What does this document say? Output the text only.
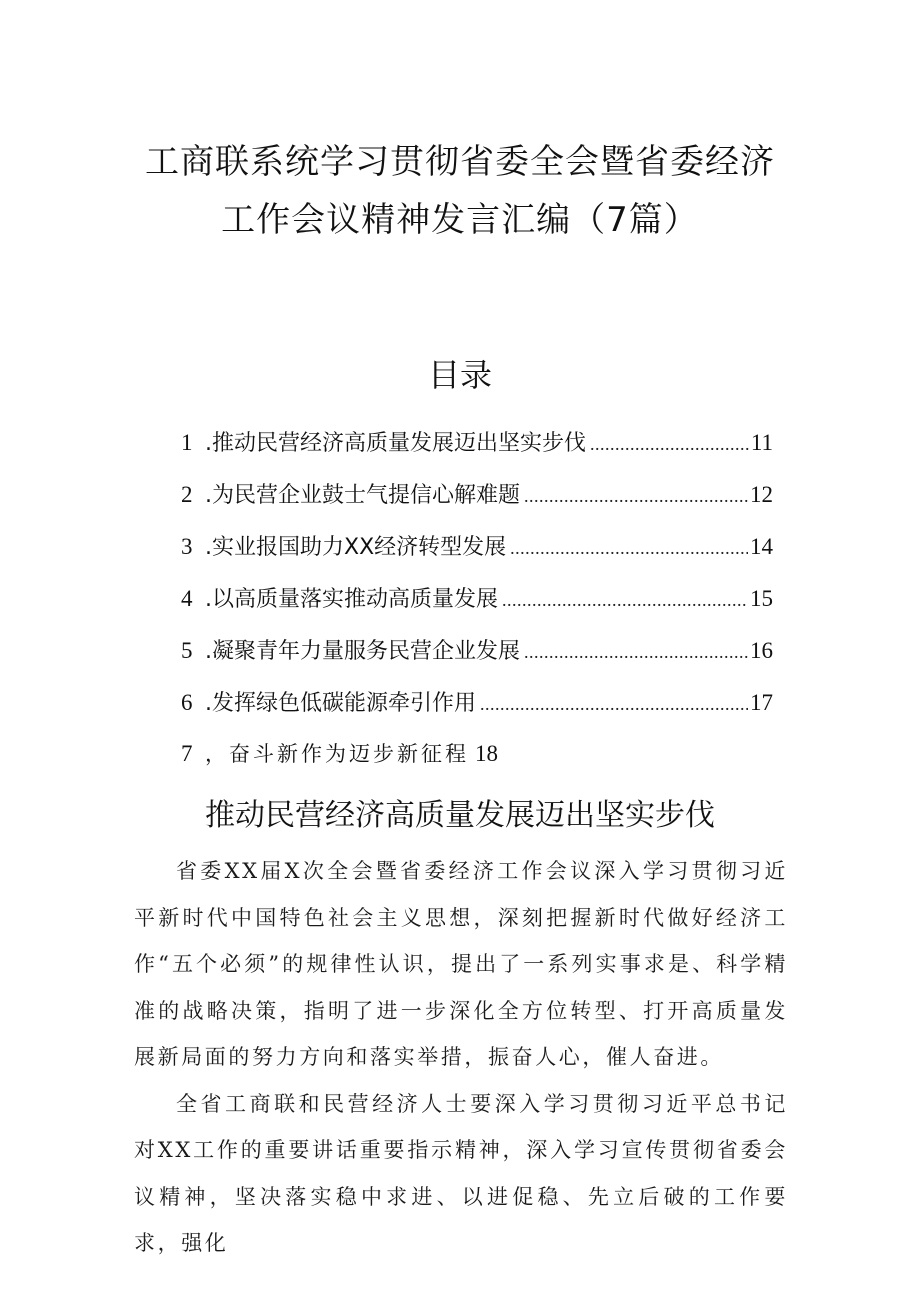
工商联系统学习贯彻省委全会暨省委经济
工作会议精神发言汇编（7篇）
目录
1 .推动民营经济高质量发展迈出坚实步伐 .....	11
2 .为民营企业鼓士气提信心解难题 .....	12
3 .实业报国助力XX经济转型发展 .....	14
4 .以高质量落实推动高质量发展 .....	15
5 .凝聚青年力量服务民营企业发展 .....	16
6 .发挥绿色低碳能源牵引作用 .....	17
7 ，奋斗新作为迈步新征程 18
推动民营经济高质量发展迈出坚实步伐

省委XX届X次全会暨省委经济工作会议深入学习贯彻习近平新时代中国特色社会主义思想，深刻把握新时代做好经济工作“五个必须”的规律性认识，提出了一系列实事求是、科学精准的战略决策，指明了进一步深化全方位转型、打开高质量发展新局面的努力方向和落实举措，振奋人心，催人奋进。

全省工商联和民营经济人士要深入学习贯彻习近平总书记对XX工作的重要讲话重要指示精神，深入学习宣传贯彻省委会议精神，坚决落实稳中求进、以进促稳、先立后破的工作要求，强化
